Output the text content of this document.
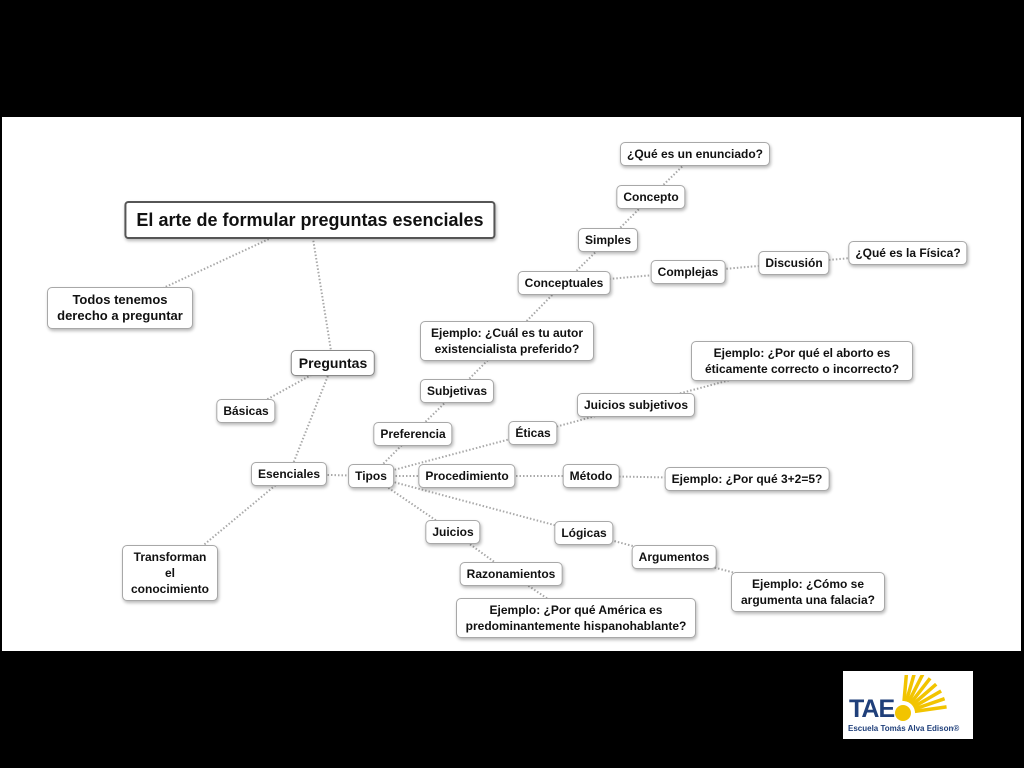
El arte de formular preguntas esenciales
Todos tenemos derecho a preguntar
Preguntas
Básicas
Esenciales
Transforman el conocimiento
Tipos
Preferencia
Subjetivas
Ejemplo: ¿Cuál es tu autor existencialista preferido?
Conceptuales
Simples
Concepto
¿Qué es un enunciado?
Complejas
Discusión
¿Qué es la Física?
Éticas
Juicios subjetivos
Ejemplo: ¿Por qué el aborto es éticamente correcto o incorrecto?
Procedimiento	Método	Ejemplo: ¿Por qué 3+2=5?
Juicios
Razonamientos
Ejemplo: ¿Por qué América es predominantemente hispanohablante?
Lógicas
Argumentos
Ejemplo: ¿Cómo se argumenta una falacia?
TAE
Escuela Tomás Alva Edison®
